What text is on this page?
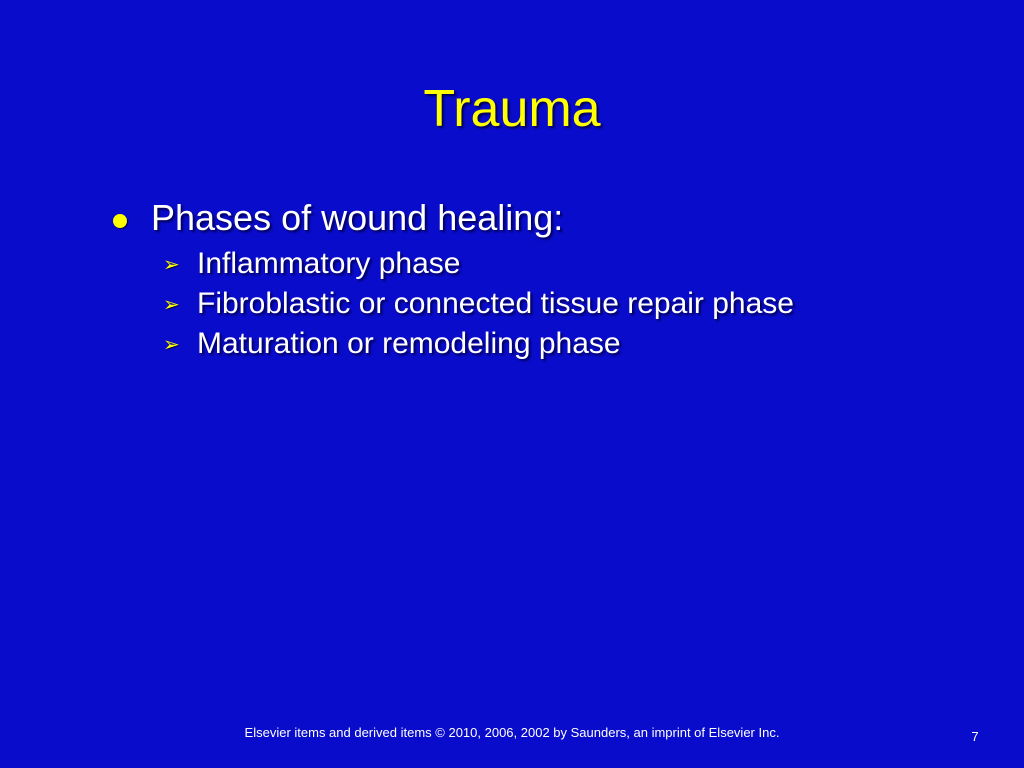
Trauma
Phases of wound healing:
➢ Inflammatory phase
➢ Fibroblastic or connected tissue repair phase
➢ Maturation or remodeling phase
Elsevier items and derived items © 2010, 2006, 2002 by Saunders, an imprint of Elsevier Inc.	7
